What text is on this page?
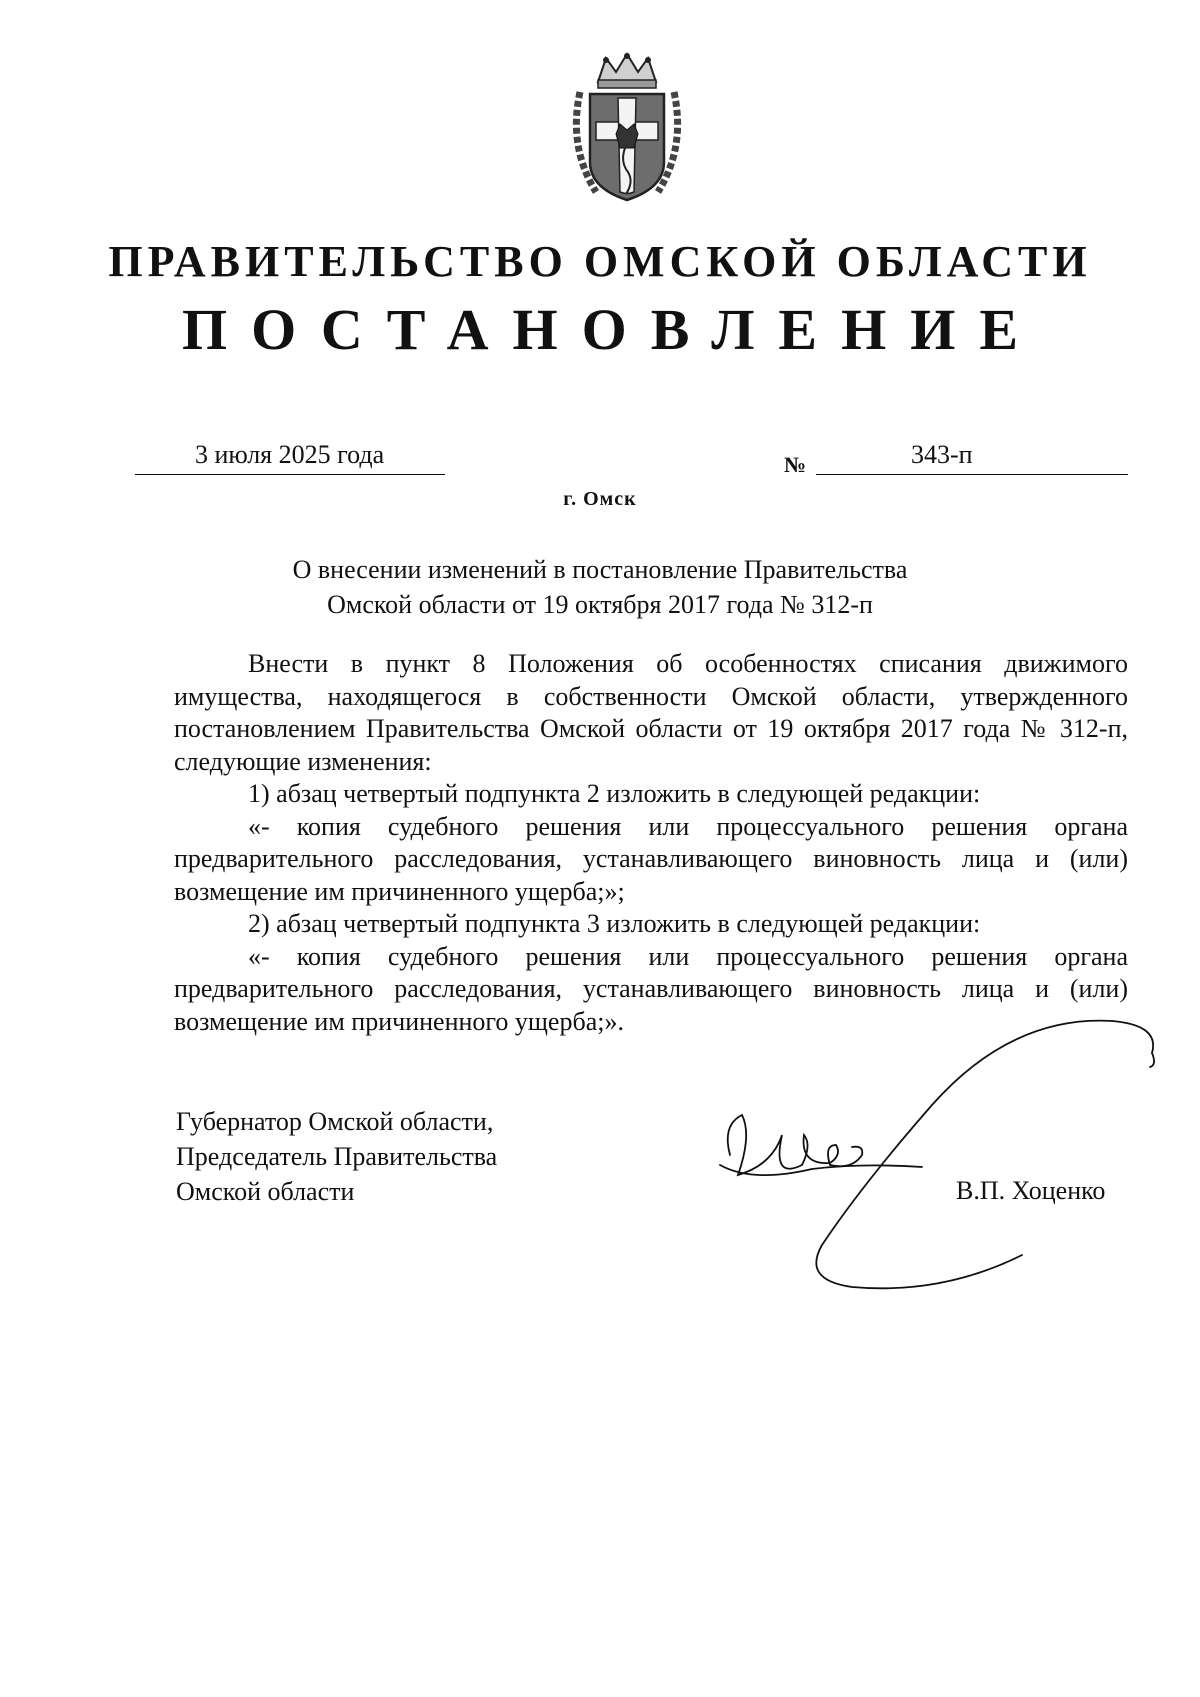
ПРАВИТЕЛЬСТВО ОМСКОЙ ОБЛАСТИ
ПОСТАНОВЛЕНИЕ
3 июля 2025 года	№	343-п
г. Омск
О внесении изменений в постановление Правительства
Омской области от 19 октября 2017 года № 312-п

Внести в пункт 8 Положения об особенностях списания движимого имущества, находящегося в собственности Омской области, утвержденного постановлением Правительства Омской области от 19 октября 2017 года № 312-п, следующие изменения:

1) абзац четвертый подпункта 2 изложить в следующей редакции:

«- копия судебного решения или процессуального решения органа предварительного расследования, устанавливающего виновность лица и (или) возмещение им причиненного ущерба;»;

2) абзац четвертый подпункта 3 изложить в следующей редакции:

«- копия судебного решения или процессуального решения органа предварительного расследования, устанавливающего виновность лица и (или) возмещение им причиненного ущерба;».

Губернатор Омской области,
Председатель Правительства
Омской области	В.П. Хоценко
